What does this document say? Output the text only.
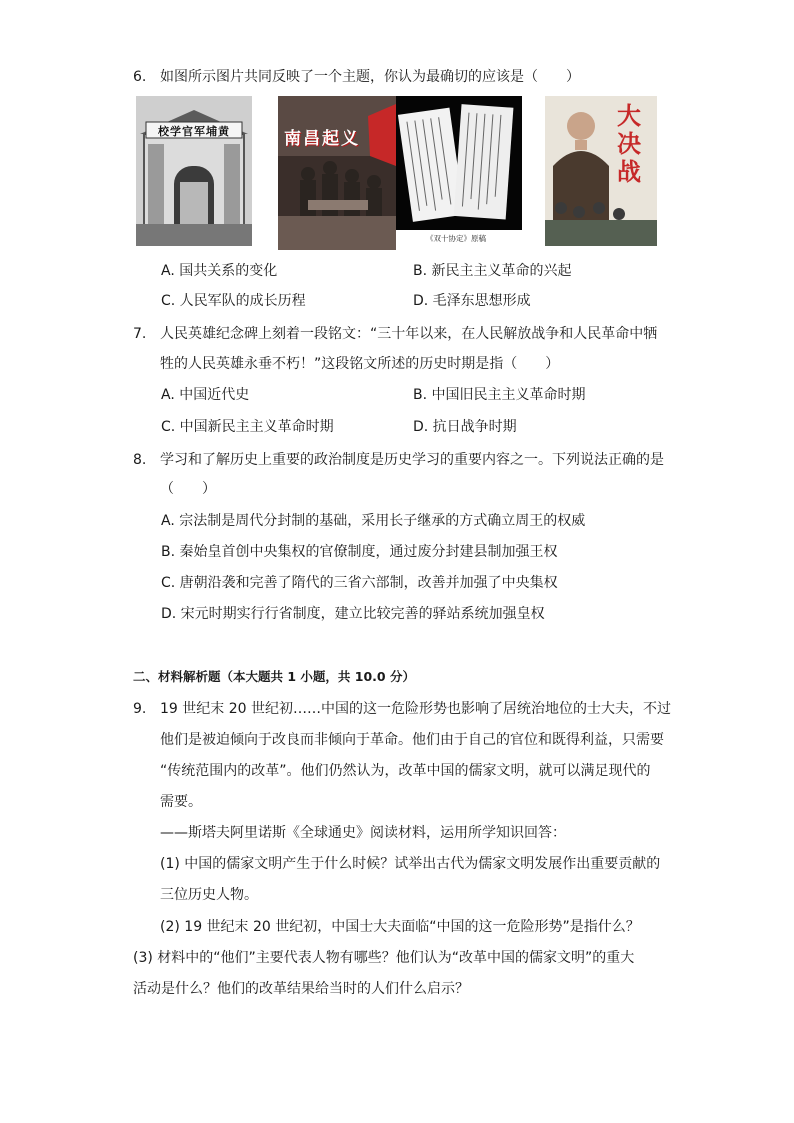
6. 如图所示图片共同反映了一个主题，你认为最确切的应该是（　　）
校学官军埔黄	南昌起义
《双十协定》原稿
大决战
A. 国共关系的变化	B. 新民主主义革命的兴起
C. 人民军队的成长历程	D. 毛泽东思想形成
7. 人民英雄纪念碑上刻着一段铭文：“三十年以来，在人民解放战争和人民革命中牺
牲的人民英雄永垂不朽！”这段铭文所述的历史时期是指（　　）
A. 中国近代史	B. 中国旧民主主义革命时期
C. 中国新民主主义革命时期	D. 抗日战争时期
8. 学习和了解历史上重要的政治制度是历史学习的重要内容之一。下列说法正确的是
（　　）
A. 宗法制是周代分封制的基础，采用长子继承的方式确立周王的权威
B. 秦始皇首创中央集权的官僚制度，通过废分封建县制加强王权
C. 唐朝沿袭和完善了隋代的三省六部制，改善并加强了中央集权
D. 宋元时期实行行省制度，建立比较完善的驿站系统加强皇权
二、材料解析题（本大题共 1 小题，共 10.0 分）
9. 19 世纪末 20 世纪初……中国的这一危险形势也影响了居统治地位的士大夫，不过
他们是被迫倾向于改良而非倾向于革命。他们由于自己的官位和既得利益，只需要
“传统范围内的改革”。他们仍然认为，改革中国的儒家文明，就可以满足现代的
需要。
——斯塔夫阿里诺斯《全球通史》阅读材料，运用所学知识回答：
(1) 中国的儒家文明产生于什么时候？试举出古代为儒家文明发展作出重要贡献的
三位历史人物。
(2) 19 世纪末 20 世纪初，中国士大夫面临“中国的这一危险形势”是指什么？
(3) 材料中的“他们”主要代表人物有哪些？他们认为“改革中国的儒家文明”的重大
活动是什么？他们的改革结果给当时的人们什么启示？
